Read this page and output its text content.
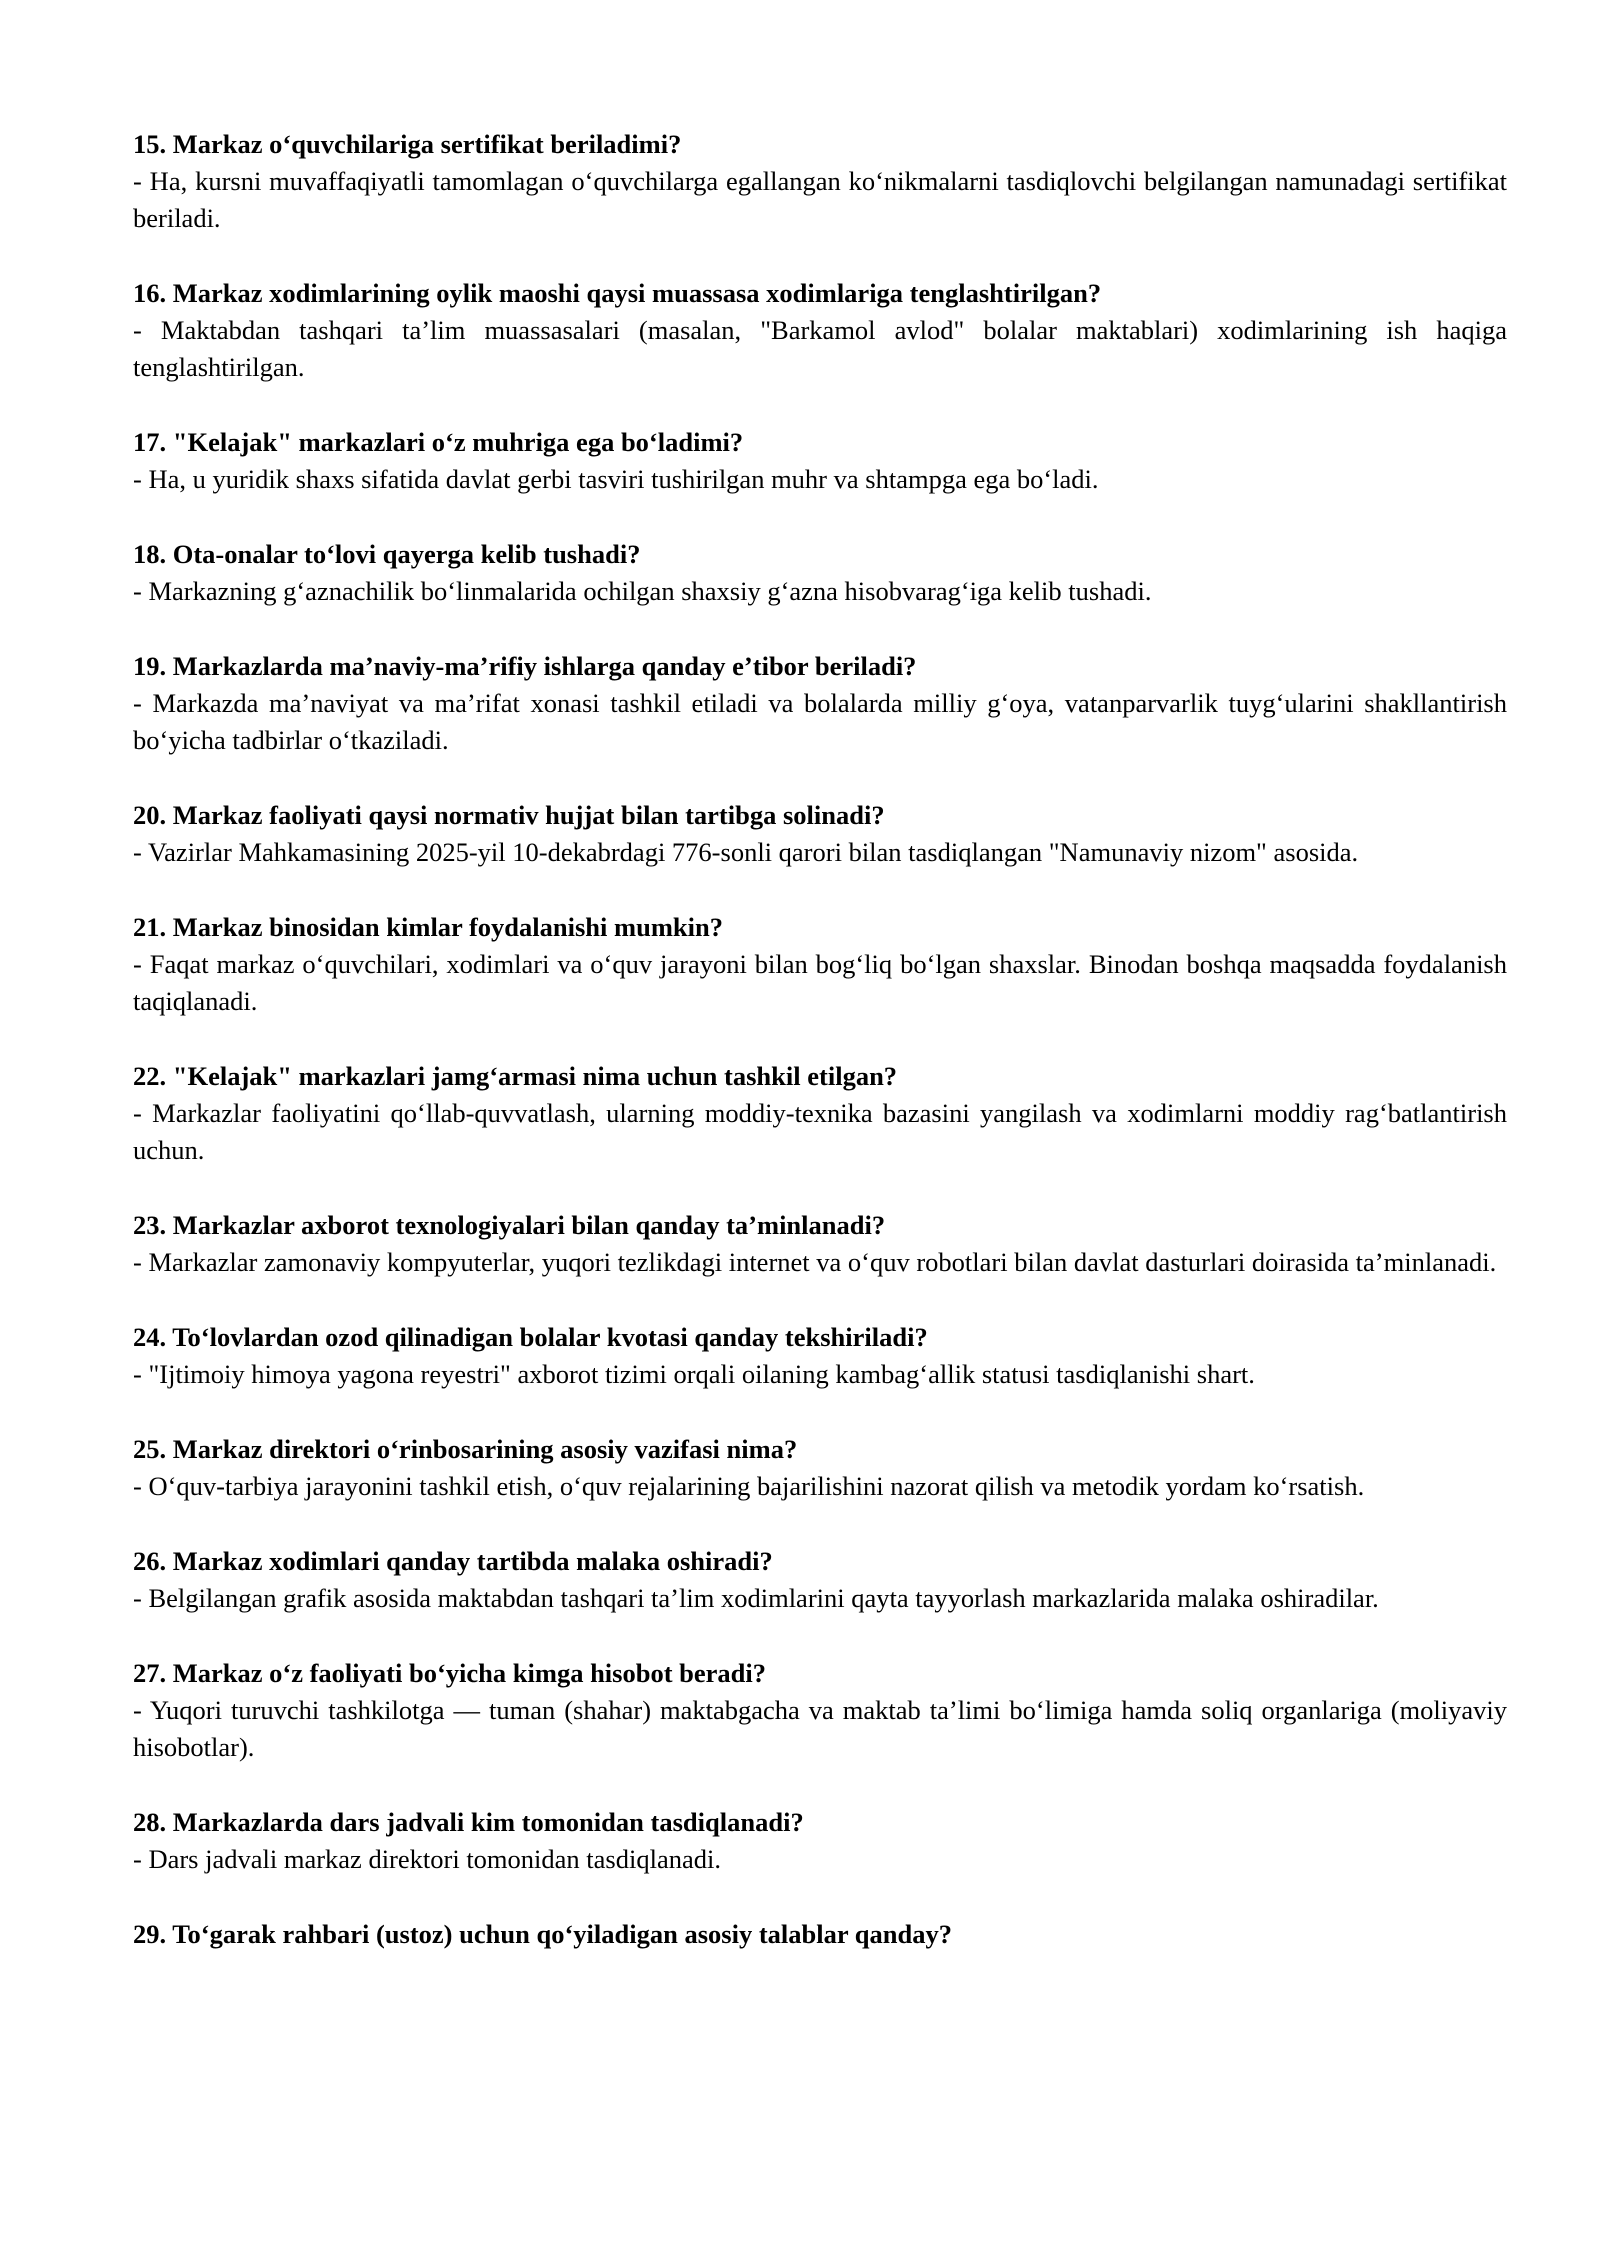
15. Markaz o‘quvchilariga sertifikat beriladimi?

- Ha, kursni muvaffaqiyatli tamomlagan o‘quvchilarga egallangan ko‘nikmalarni tasdiqlovchi belgilangan namunadagi sertifikat beriladi.

16. Markaz xodimlarining oylik maoshi qaysi muassasa xodimlariga tenglashtirilgan?

- Maktabdan tashqari ta’lim muassasalari (masalan, "Barkamol avlod" bolalar maktablari) xodimlarining ish haqiga tenglashtirilgan.

17. "Kelajak" markazlari o‘z muhriga ega bo‘ladimi?

- Ha, u yuridik shaxs sifatida davlat gerbi tasviri tushirilgan muhr va shtampga ega bo‘ladi.

18. Ota-onalar to‘lovi qayerga kelib tushadi?

- Markazning g‘aznachilik bo‘linmalarida ochilgan shaxsiy g‘azna hisobvarag‘iga kelib tushadi.

19. Markazlarda ma’naviy-ma’rifiy ishlarga qanday e’tibor beriladi?

- Markazda ma’naviyat va ma’rifat xonasi tashkil etiladi va bolalarda milliy g‘oya, vatanparvarlik tuyg‘ularini shakllantirish bo‘yicha tadbirlar o‘tkaziladi.

20. Markaz faoliyati qaysi normativ hujjat bilan tartibga solinadi?

- Vazirlar Mahkamasining 2025-yil 10-dekabrdagi 776-sonli qarori bilan tasdiqlangan "Namunaviy nizom" asosida.

21. Markaz binosidan kimlar foydalanishi mumkin?

- Faqat markaz o‘quvchilari, xodimlari va o‘quv jarayoni bilan bog‘liq bo‘lgan shaxslar. Binodan boshqa maqsadda foydalanish taqiqlanadi.

22. "Kelajak" markazlari jamg‘armasi nima uchun tashkil etilgan?

- Markazlar faoliyatini qo‘llab-quvvatlash, ularning moddiy-texnika bazasini yangilash va xodimlarni moddiy rag‘batlantirish uchun.

23. Markazlar axborot texnologiyalari bilan qanday ta’minlanadi?

- Markazlar zamonaviy kompyuterlar, yuqori tezlikdagi internet va o‘quv robotlari bilan davlat dasturlari doirasida ta’minlanadi.

24. To‘lovlardan ozod qilinadigan bolalar kvotasi qanday tekshiriladi?

- "Ijtimoiy himoya yagona reyestri" axborot tizimi orqali oilaning kambag‘allik statusi tasdiqlanishi shart.

25. Markaz direktori o‘rinbosarining asosiy vazifasi nima?

- O‘quv-tarbiya jarayonini tashkil etish, o‘quv rejalarining bajarilishini nazorat qilish va metodik yordam ko‘rsatish.

26. Markaz xodimlari qanday tartibda malaka oshiradi?

- Belgilangan grafik asosida maktabdan tashqari ta’lim xodimlarini qayta tayyorlash markazlarida malaka oshiradilar.

27. Markaz o‘z faoliyati bo‘yicha kimga hisobot beradi?

- Yuqori turuvchi tashkilotga — tuman (shahar) maktabgacha va maktab ta’limi bo‘limiga hamda soliq organlariga (moliyaviy hisobotlar).

28. Markazlarda dars jadvali kim tomonidan tasdiqlanadi?

- Dars jadvali markaz direktori tomonidan tasdiqlanadi.

29. To‘garak rahbari (ustoz) uchun qo‘yiladigan asosiy talablar qanday?
